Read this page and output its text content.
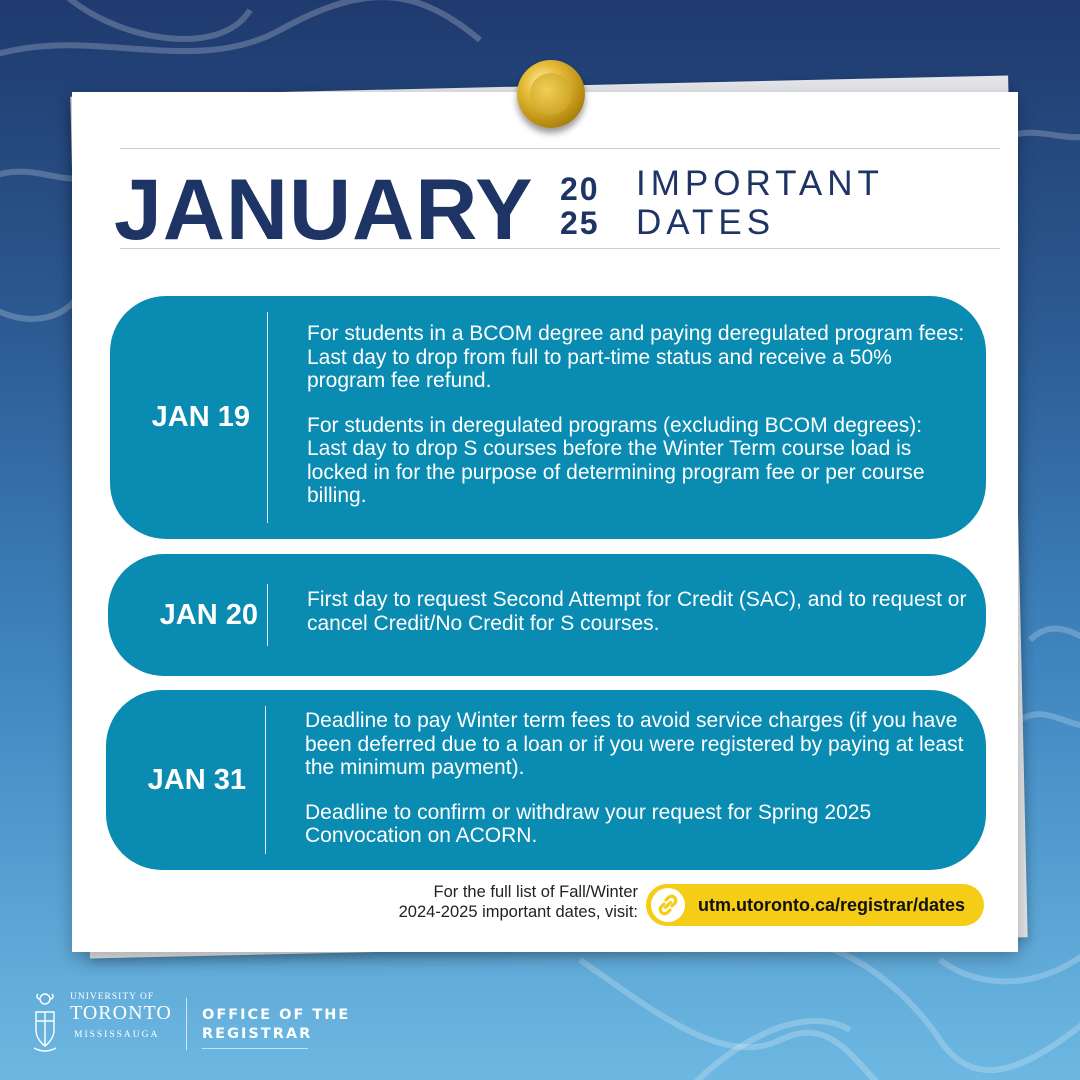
JANUARY 20
25
IMPORTANT
DATES
JAN 19

For students in a BCOM degree and paying deregulated program fees: Last day to drop from full to part-time status and receive a 50% program fee refund.

For students in deregulated programs (excluding BCOM degrees): Last day to drop S courses before the Winter Term course load is locked in for the purpose of determining program fee or per course billing.

JAN 20 First day to request Second Attempt for Credit (SAC), and to request or cancel Credit/No Credit for S courses.

JAN 31

Deadline to pay Winter term fees to avoid service charges (if you have been deferred due to a loan or if you were registered by paying at least the minimum payment).

Deadline to confirm or withdraw your request for Spring 2025 Convocation on ACORN.

For the full list of Fall/Winter
2024-2025 important dates, visit:	utm.utoronto.ca/registrar/dates
UNIVERSITY OF
TORONTO
MISSISSAUGA
OFFICE OF THE
REGISTRAR
